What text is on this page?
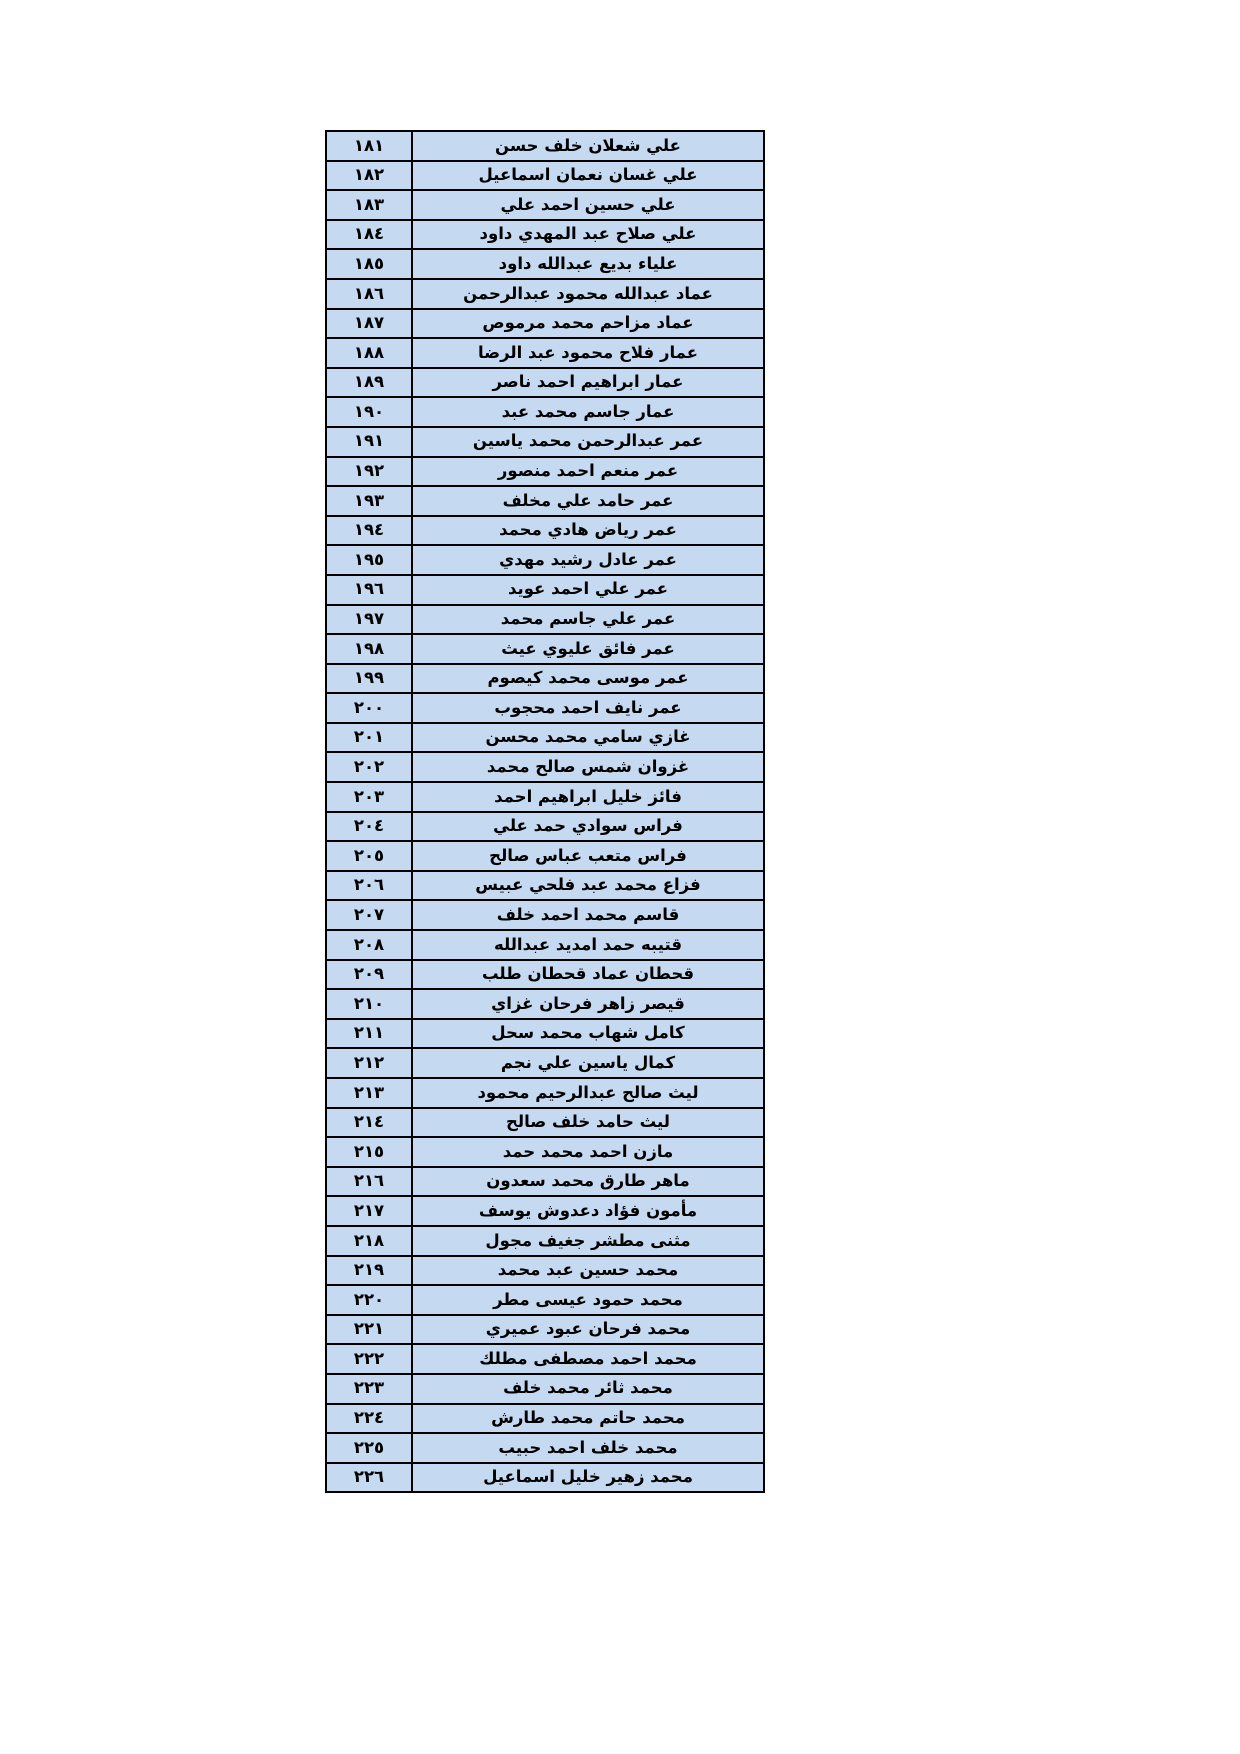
علي شعلان خلف حسن	١٨١
علي غسان نعمان اسماعيل	١٨٢
علي حسين احمد علي	١٨٣
علي صلاح عبد المهدي داود	١٨٤
علياء بديع عبدالله داود	١٨٥
عماد عبدالله محمود عبدالرحمن	١٨٦
عماد مزاحم محمد مرموص	١٨٧
عمار فلاح محمود عبد الرضا	١٨٨
عمار ابراهيم احمد ناصر	١٨٩
عمار جاسم محمد عبد	١٩٠
عمر عبدالرحمن محمد ياسين	١٩١
عمر منعم احمد منصور	١٩٢
عمر حامد علي مخلف	١٩٣
عمر رياض هادي محمد	١٩٤
عمر عادل رشيد مهدي	١٩٥
عمر علي احمد عويد	١٩٦
عمر علي جاسم محمد	١٩٧
عمر فائق عليوي عيث	١٩٨
عمر موسى محمد كيصوم	١٩٩
عمر نايف احمد محجوب	٢٠٠
غازي سامي محمد محسن	٢٠١
غزوان شمس صالح محمد	٢٠٢
فائز خليل ابراهيم احمد	٢٠٣
فراس سوادي حمد علي	٢٠٤
فراس متعب عباس صالح	٢٠٥
فزاع محمد عبد فلحي عبيس	٢٠٦
قاسم محمد احمد خلف	٢٠٧
قتيبه حمد امديد عبدالله	٢٠٨
قحطان عماد قحطان طلب	٢٠٩
قيصر زاهر فرحان غزاي	٢١٠
كامل شهاب محمد سحل	٢١١
كمال ياسين علي نجم	٢١٢
ليث صالح عبدالرحيم محمود	٢١٣
ليث حامد خلف صالح	٢١٤
مازن احمد محمد حمد	٢١٥
ماهر طارق محمد سعدون	٢١٦
مأمون فؤاد دعدوش يوسف	٢١٧
مثنى مطشر جغيف مجول	٢١٨
محمد حسين عبد محمد	٢١٩
محمد حمود عيسى مطر	٢٢٠
محمد فرحان عبود عميري	٢٢١
محمد احمد مصطفى مطلك	٢٢٢
محمد ثائر محمد خلف	٢٢٣
محمد حاتم محمد طارش	٢٢٤
محمد خلف احمد حبيب	٢٢٥
محمد زهير خليل اسماعيل	٢٢٦
